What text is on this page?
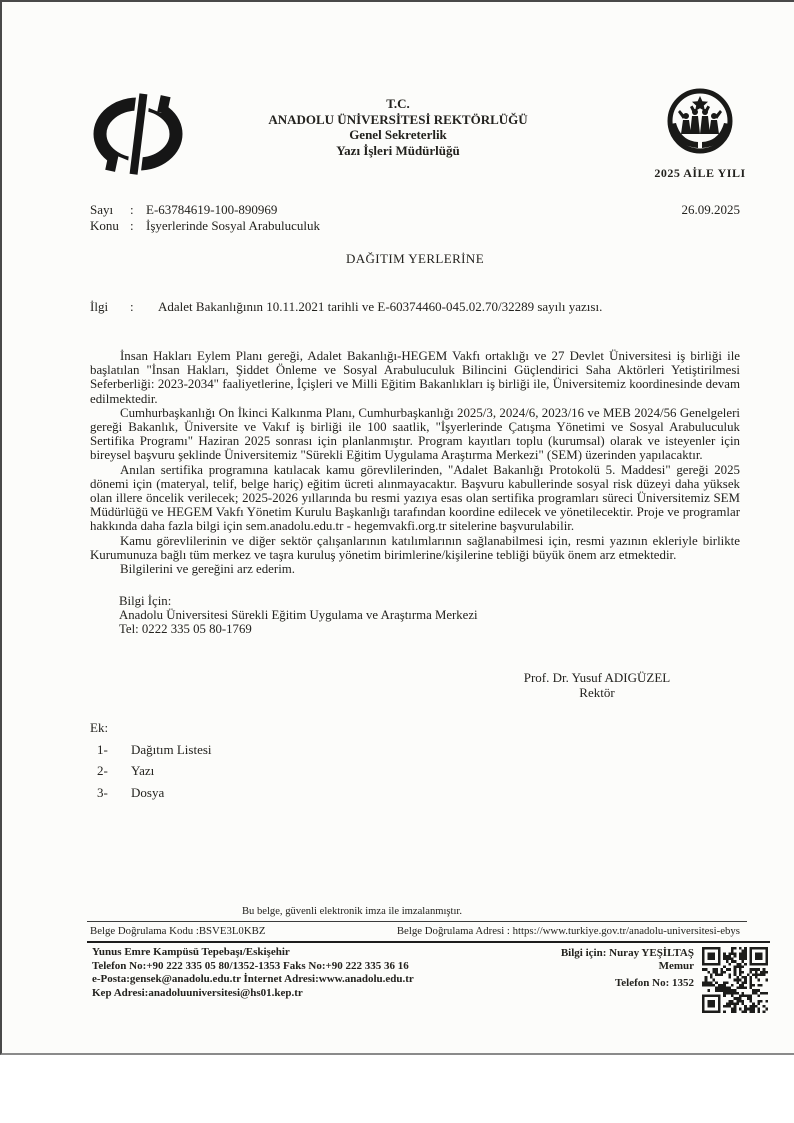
T.C.
ANADOLU ÜNİVERSİTESİ REKTÖRLÜĞÜ
Genel Sekreterlik
Yazı İşleri Müdürlüğü
2025 AİLE YILI
Sayı	: E-63784619-100-890969	26.09.2025
Konu : İşyerlerinde Sosyal Arabuluculuk
DAĞITIM YERLERİNE
İlgi	:	Adalet Bakanlığının 10.11.2021 tarihli ve E-60374460-045.02.70/32289 sayılı yazısı.

İnsan Hakları Eylem Planı gereği, Adalet Bakanlığı-HEGEM Vakfı ortaklığı ve 27 Devlet Üniversitesi iş birliği ile başlatılan "İnsan Hakları, Şiddet Önleme ve Sosyal Arabuluculuk Bilincini Güçlendirici Saha Aktörleri Yetiştirilmesi Seferberliği: 2023-2034" faaliyetlerine, İçişleri ve Milli Eğitim Bakanlıkları iş birliği ile, Üniversitemiz koordinesinde devam edilmektedir.

Cumhurbaşkanlığı On İkinci Kalkınma Planı, Cumhurbaşkanlığı 2025/3, 2024/6, 2023/16 ve MEB 2024/56 Genelgeleri gereği Bakanlık, Üniversite ve Vakıf iş birliği ile 100 saatlik, "İşyerlerinde Çatışma Yönetimi ve Sosyal Arabuluculuk Sertifika Programı" Haziran 2025 sonrası için planlanmıştır. Program kayıtları toplu (kurumsal) olarak ve isteyenler için bireysel başvuru şeklinde Üniversitemiz "Sürekli Eğitim Uygulama Araştırma Merkezi" (SEM) üzerinden yapılacaktır.

Anılan sertifika programına katılacak kamu görevlilerinden, "Adalet Bakanlığı Protokolü 5. Maddesi" gereği 2025 dönemi için (materyal, telif, belge hariç) eğitim ücreti alınmayacaktır. Başvuru kabullerinde sosyal risk düzeyi daha yüksek olan illere öncelik verilecek; 2025-2026 yıllarında bu resmi yazıya esas olan sertifika programları süreci Üniversitemiz SEM Müdürlüğü ve HEGEM Vakfı Yönetim Kurulu Başkanlığı tarafından koordine edilecek ve yönetilecektir. Proje ve programlar hakkında daha fazla bilgi için sem.anadolu.edu.tr - hegemvakfi.org.tr sitelerine başvurulabilir.

Kamu görevlilerinin ve diğer sektör çalışanlarının katılımlarının sağlanabilmesi için, resmi yazının ekleriyle birlikte Kurumunuza bağlı tüm merkez ve taşra kuruluş yönetim birimlerine/kişilerine tebliği büyük önem arz etmektedir.

Bilgilerini ve gereğini arz ederim.

Bilgi İçin:
Anadolu Üniversitesi Sürekli Eğitim Uygulama ve Araştırma Merkezi
Tel: 0222 335 05 80-1769
Prof. Dr. Yusuf ADIGÜZEL
Rektör
Ek:
1-	Dağıtım Listesi
2-	Yazı
3-	Dosya
Bu belge, güvenli elektronik imza ile imzalanmıştır.
Belge Doğrulama Kodu :BSVE3L0KBZ	Belge Doğrulama Adresi : https://www.turkiye.gov.tr/anadolu-universitesi-ebys
Yunus Emre Kampüsü Tepebaşı/Eskişehir
Telefon No:+90 222 335 05 80/1352-1353 Faks No:+90 222 335 36 16
e-Posta:gensek@anadolu.edu.tr İnternet Adresi:www.anadolu.edu.tr
Kep Adresi:anadoluuniversitesi@hs01.kep.tr
Bilgi için: Nuray YEŞİLTAŞ
Memur
Telefon No: 1352
